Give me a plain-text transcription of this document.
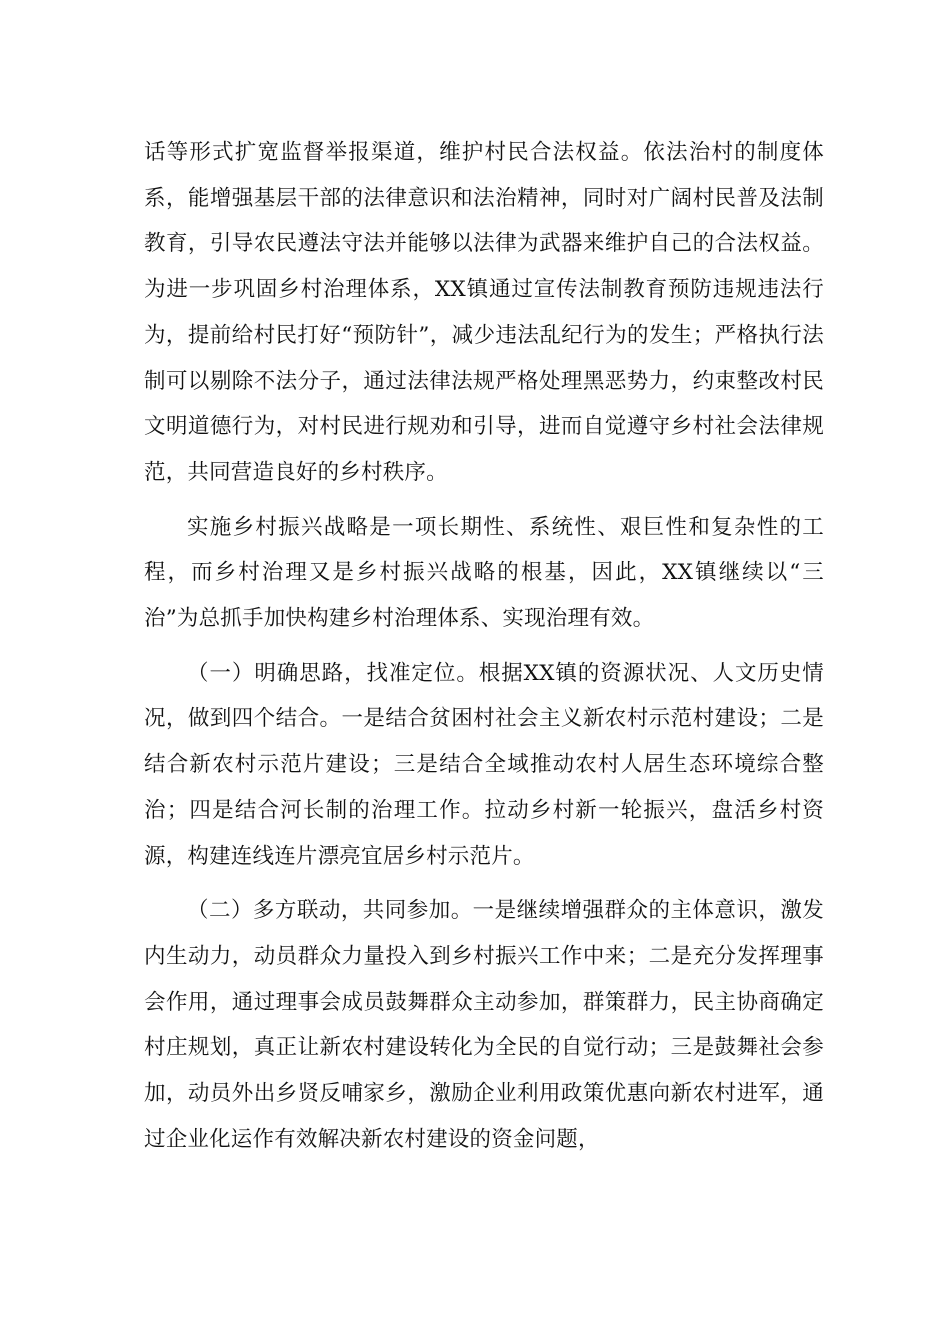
话等形式扩宽监督举报渠道，维护村民合法权益。依法治村的制度体系，能增强基层干部的法律意识和法治精神，同时对广阔村民普及法制教育，引导农民遵法守法并能够以法律为武器来维护自己的合法权益。为进一步巩固乡村治理体系，XX镇通过宣传法制教育预防违规违法行为，提前给村民打好“预防针”，减少违法乱纪行为的发生；严格执行法制可以剔除不法分子，通过法律法规严格处理黑恶势力，约束整改村民文明道德行为，对村民进行规劝和引导，进而自觉遵守乡村社会法律规范，共同营造良好的乡村秩序。

实施乡村振兴战略是一项长期性、系统性、艰巨性和复杂性的工程，而乡村治理又是乡村振兴战略的根基，因此，XX镇继续以“三治”为总抓手加快构建乡村治理体系、实现治理有效。

（一）明确思路，找准定位。根据XX镇的资源状况、人文历史情况，做到四个结合。一是结合贫困村社会主义新农村示范村建设；二是结合新农村示范片建设；三是结合全域推动农村人居生态环境综合整治；四是结合河长制的治理工作。拉动乡村新一轮振兴，盘活乡村资源，构建连线连片漂亮宜居乡村示范片。

（二）多方联动，共同参加。一是继续增强群众的主体意识，激发内生动力，动员群众力量投入到乡村振兴工作中来；二是充分发挥理事会作用，通过理事会成员鼓舞群众主动参加，群策群力，民主协商确定村庄规划，真正让新农村建设转化为全民的自觉行动；三是鼓舞社会参加，动员外出乡贤反哺家乡，激励企业利用政策优惠向新农村进军，通过企业化运作有效解决新农村建设的资金问题，
